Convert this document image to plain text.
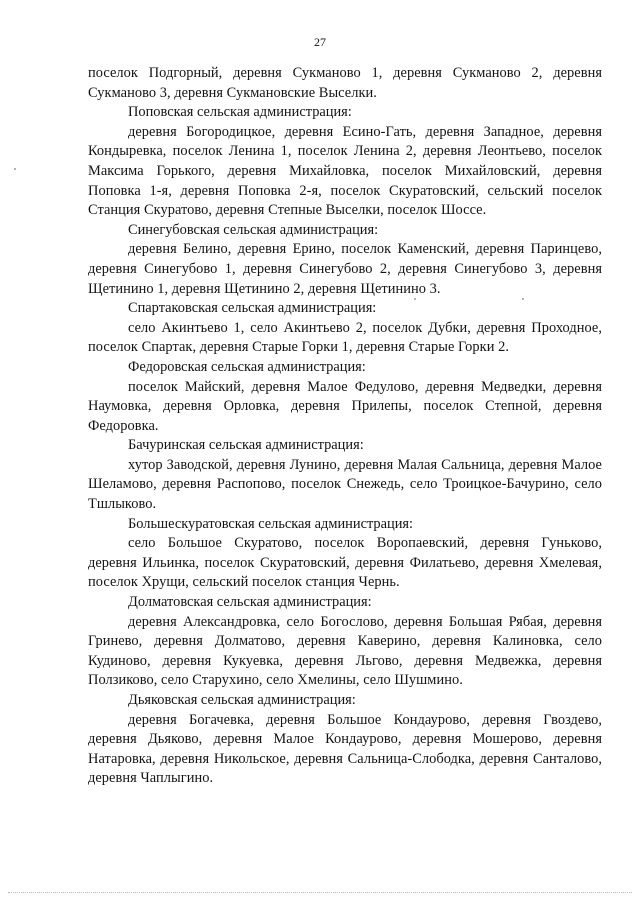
27

поселок Подгорный, деревня Сукманово 1, деревня Сукманово 2, деревня Сукманово 3, деревня Сукмановские Выселки.

Поповская сельская администрация:

деревня Богородицкое, деревня Есино-Гать, деревня Западное, деревня Кондыревка, поселок Ленина 1, поселок Ленина 2, деревня Леонтьево, поселок Максима Горького, деревня Михайловка, поселок Михайловский, деревня Поповка 1-я, деревня Поповка 2-я, поселок Скуратовский, сельский поселок Станция Скуратово, деревня Степные Выселки, поселок Шоссе.

Синегубовская сельская администрация:

деревня Белино, деревня Ерино, поселок Каменский, деревня Паринцево, деревня Синегубово 1, деревня Синегубово 2, деревня Синегубово 3, деревня Щетинино 1, деревня Щетинино 2, деревня Щетинино 3.

Спартаковская сельская администрация:

село Акинтьево 1, село Акинтьево 2, поселок Дубки, деревня Проходное, поселок Спартак, деревня Старые Горки 1, деревня Старые Горки 2.

Федоровская сельская администрация:

поселок Майский, деревня Малое Федулово, деревня Медведки, деревня Наумовка, деревня Орловка, деревня Прилепы, поселок Степной, деревня Федоровка.

Бачуринская сельская администрация:

хутор Заводской, деревня Лунино, деревня Малая Сальница, деревня Малое Шеламово, деревня Распопово, поселок Снежедь, село Троицкое-Бачурино, село Тшлыково.

Большескуратовская сельская администрация:

село Большое Скуратово, поселок Воропаевский, деревня Гуньково, деревня Ильинка, поселок Скуратовский, деревня Филатьево, деревня Хмелевая, поселок Хрущи, сельский поселок станция Чернь.

Долматовская сельская администрация:

деревня Александровка, село Богослово, деревня Большая Рябая, деревня Гринево, деревня Долматово, деревня Каверино, деревня Калиновка, село Кудиново, деревня Кукуевка, деревня Льгово, деревня Медвежка, деревня Ползиково, село Старухино, село Хмелины, село Шушмино.

Дьяковская сельская администрация:

деревня Богачевка, деревня Большое Кондаурово, деревня Гвоздево, деревня Дьяково, деревня Малое Кондаурово, деревня Мошерово, деревня Натаровка, деревня Никольское, деревня Сальница-Слободка, деревня Санталово, деревня Чаплыгино.
